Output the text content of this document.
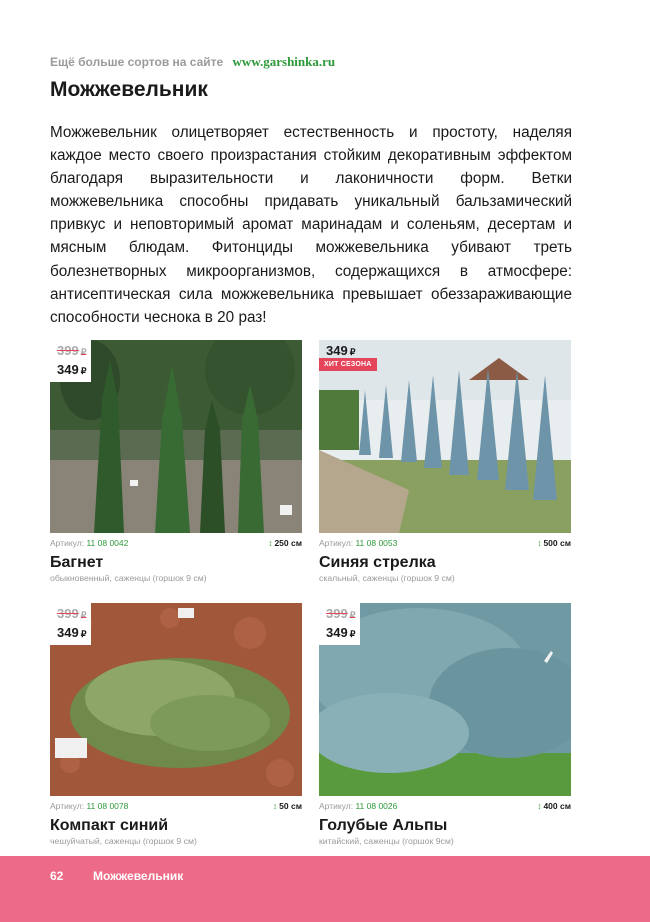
Ещё больше сортов на сайте www.garshinka.ru
Можжевельник

Можжевельник олицетворяет естественность и простоту, наделяя каждое место своего произрастания стойким декоративным эффектом благодаря выразительности и лаконичности форм. Ветки можжевельника способны придавать уникальный бальзамический привкус и неповторимый аромат маринадам и соленьям, десертам и мясным блюдам. Фитонциды можжевельника убивают треть болезнетворных микроорганизмов, содержащихся в атмосфере: антисептическая сила можжевельника превышает обеззараживающие способности чеснока в 20 раз!

399 ₽
349 ₽
Артикул: 11 08 0042	↕ 250 см
Багнет
обыкновенный, саженцы (горшок 9 см)
349 ₽
ХИТ СЕЗОНА
Артикул: 11 08 0053	↕ 500 см
Синяя стрелка
скальный, саженцы (горшок 9 см)
399 ₽
349 ₽
Артикул: 11 08 0078	↕ 50 см
Компакт синий
чешуйчатый, саженцы (горшок 9 см)
399 ₽
349 ₽
Артикул: 11 08 0026	↕ 400 см
Голубые Альпы
китайский, саженцы (горшок 9см)
62 Можжевельник
